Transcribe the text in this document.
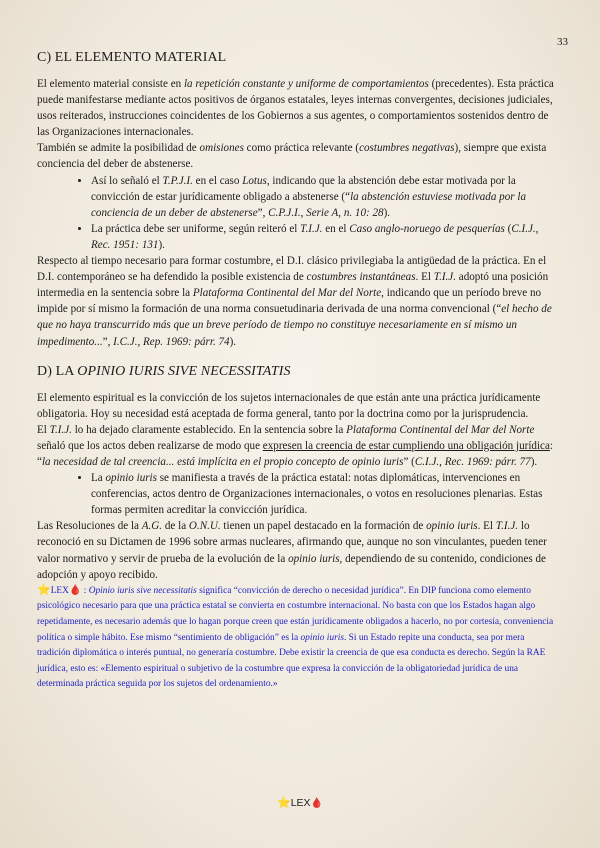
33
C) EL ELEMENTO MATERIAL

El elemento material consiste en la repetición constante y uniforme de comportamientos (precedentes). Esta práctica puede manifestarse mediante actos positivos de órganos estatales, leyes internas convergentes, decisiones judiciales, usos reiterados, instrucciones coincidentes de los Gobiernos a sus agentes, o comportamientos sostenidos dentro de las Organizaciones internacionales.

También se admite la posibilidad de omisiones como práctica relevante (costumbres negativas), siempre que exista conciencia del deber de abstenerse.

• Así lo señaló el T.P.J.I. en el caso Lotus, indicando que la abstención debe estar motivada por la convicción de estar jurídicamente obligado a abstenerse (“la abstención estuviese motivada por la conciencia de un deber de abstenerse”, C.P.J.I., Serie A, n. 10: 28).
• La práctica debe ser uniforme, según reiteró el T.I.J. en el Caso anglo-noruego de pesquerías (C.I.J., Rec. 1951: 131).

Respecto al tiempo necesario para formar costumbre, el D.I. clásico privilegiaba la antigüedad de la práctica. En el D.I. contemporáneo se ha defendido la posible existencia de costumbres instantáneas. El T.I.J. adoptó una posición intermedia en la sentencia sobre la Plataforma Continental del Mar del Norte, indicando que un período breve no impide por sí mismo la formación de una norma consuetudinaria derivada de una norma convencional (“el hecho de que no haya transcurrido más que un breve período de tiempo no constituye necesariamente en sí mismo un impedimento...”, I.C.J., Rep. 1969: párr. 74).

D) LA OPINIO IURIS SIVE NECESSITATIS

El elemento espiritual es la convicción de los sujetos internacionales de que están ante una práctica jurídicamente obligatoria. Hoy su necesidad está aceptada de forma general, tanto por la doctrina como por la jurisprudencia.

El T.I.J. lo ha dejado claramente establecido. En la sentencia sobre la Plataforma Continental del Mar del Norte señaló que los actos deben realizarse de modo que expresen la creencia de estar cumpliendo una obligación jurídica: “la necesidad de tal creencia... está implícita en el propio concepto de opinio iuris” (C.I.J., Rec. 1969: párr. 77).

• La opinio iuris se manifiesta a través de la práctica estatal: notas diplomáticas, intervenciones en conferencias, actos dentro de Organizaciones internacionales, o votos en resoluciones plenarias. Estas formas permiten acreditar la convicción jurídica.

Las Resoluciones de la A.G. de la O.N.U. tienen un papel destacado en la formación de opinio iuris. El T.I.J. lo reconoció en su Dictamen de 1996 sobre armas nucleares, afirmando que, aunque no son vinculantes, pueden tener valor normativo y servir de prueba de la evolución de la opinio iuris, dependiendo de su contenido, condiciones de adopción y apoyo recibido.

⭐LEX🩸 : Opinio iuris sive necessitatis significa “convicción de derecho o necesidad jurídica”. En DIP funciona como elemento psicológico necesario para que una práctica estatal se convierta en costumbre internacional. No basta con que los Estados hagan algo repetidamente, es necesario además que lo hagan porque creen que están jurídicamente obligados a hacerlo, no por cortesía, conveniencia política o simple hábito. Ese mismo “sentimiento de obligación” es la opinio iuris. Si un Estado repite una conducta, sea por mera tradición diplomática o interés puntual, no generaría costumbre. Debe existir la creencia de que esa conducta es derecho. Según la RAE jurídica, esto es: «Elemento espiritual o subjetivo de la costumbre que expresa la convicción de la obligatoriedad jurídica de una determinada práctica seguida por los sujetos del ordenamiento.»

⭐LEX🩸
